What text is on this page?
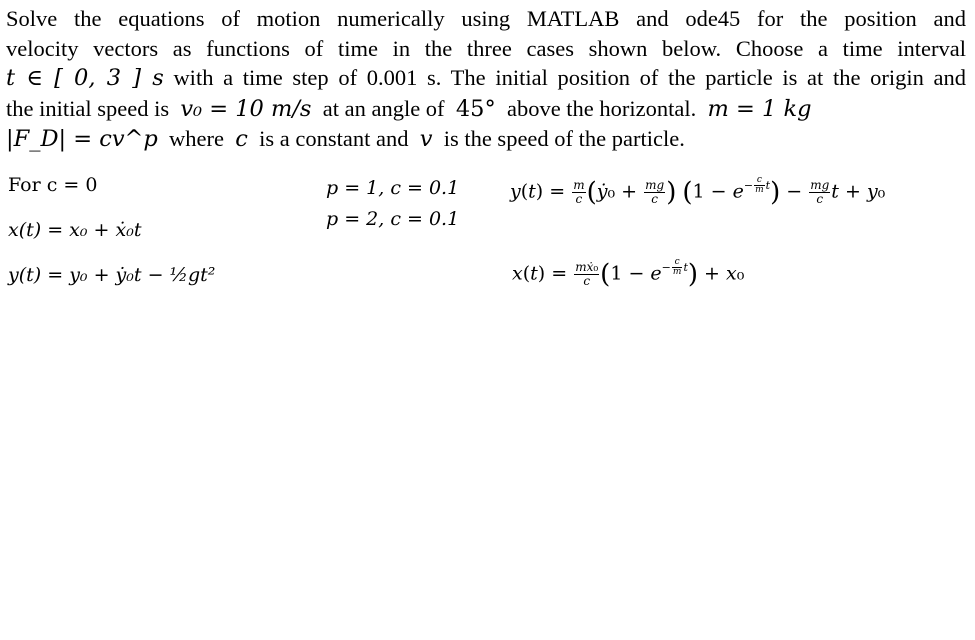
Solve the equations of motion numerically using MATLAB and ode45 for the position and
velocity vectors as functions of time in the three cases shown below. Choose a time interval
t ∈ [ 0, 3 ] s with a time step of 0.001 s. The initial position of the particle is at the origin and
the initial speed is v₀ = 10 m/s at an angle of 45° above the horizontal. m = 1 kg
|F_D| = cv^p where c is a constant and v is the speed of the particle.
For c = 0
x(t) = x₀ + ẋ₀t
y(t) = y₀ + ẏ₀t − ½gt²
p = 1, c = 0.1
p = 2, c = 0.1
$y(t) = \frac{m}{c}$ (ẏ₀ + $\frac{mg}{c}$ ) $(1 - e^{- \frac{c}{m} t}) - \frac{mg}{c}$ t + y₀
$x(t) = \frac{\text{mẋ₀}}{c} (1 - e^{- \frac{c}{m} t}) + x_0$
